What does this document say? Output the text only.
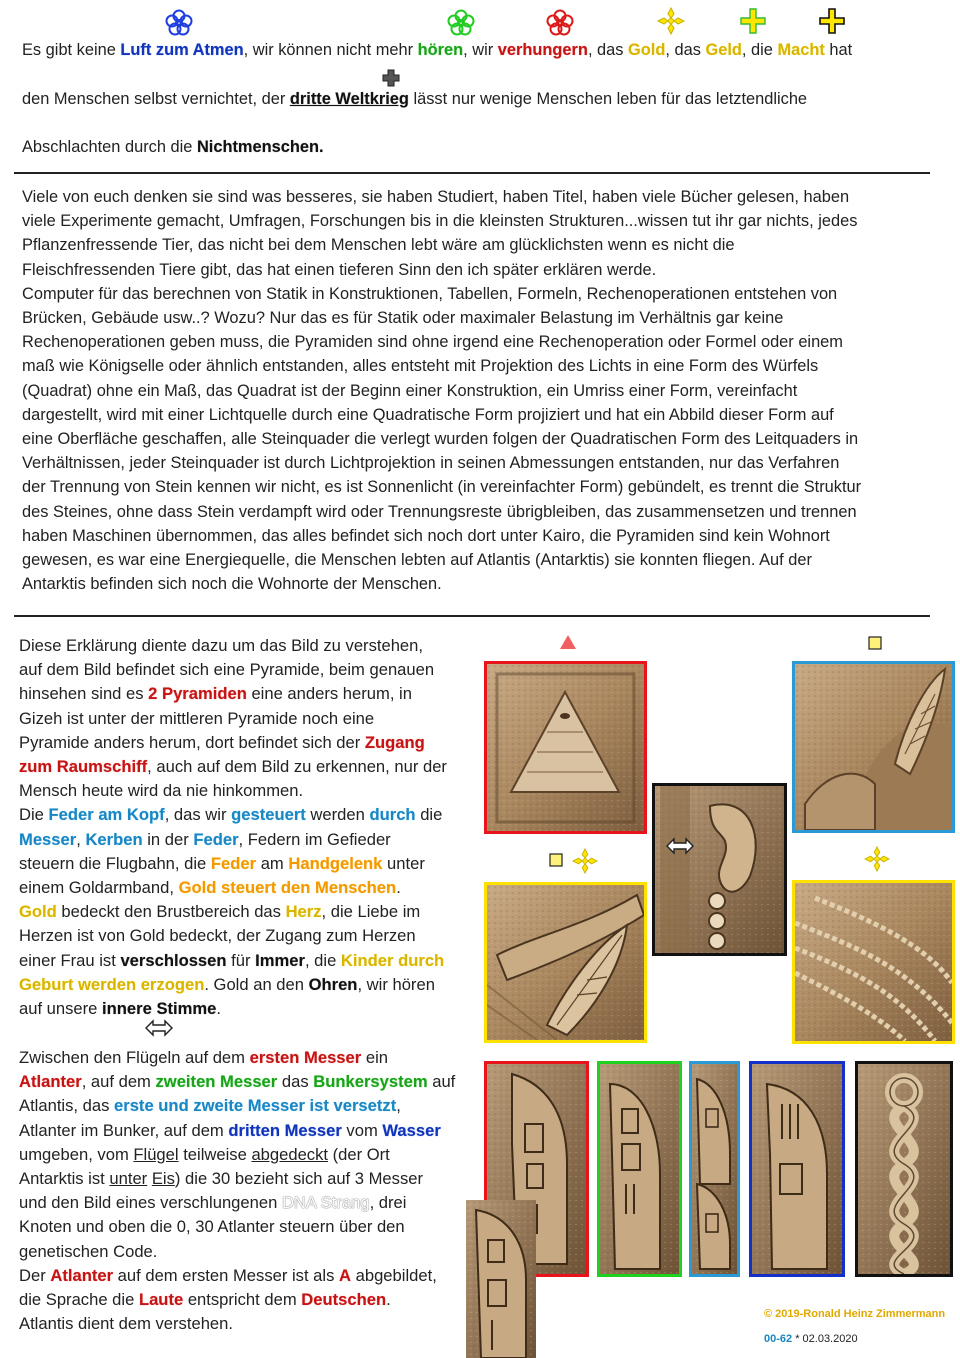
Es gibt keine Luft zum Atmen, wir können nicht mehr hören, wir verhungern, das Gold, das Geld, die Macht hat
den Menschen selbst vernichtet, der dritte Weltkrieg lässt nur wenige Menschen leben für das letztendliche
Abschlachten durch die Nichtmenschen.
Viele von euch denken sie sind was besseres, sie haben Studiert, haben Titel, haben viele Bücher gelesen, haben
viele Experimente gemacht, Umfragen, Forschungen bis in die kleinsten Strukturen...wissen tut ihr gar nichts, jedes
Pflanzenfressende Tier, das nicht bei dem Menschen lebt wäre am glücklichsten wenn es nicht die
Fleischfressenden Tiere gibt, das hat einen tieferen Sinn den ich später erklären werde.
Computer für das berechnen von Statik in Konstruktionen, Tabellen, Formeln, Rechenoperationen entstehen von
Brücken, Gebäude usw..? Wozu? Nur das es für Statik oder maximaler Belastung im Verhältnis gar keine
Rechenoperationen geben muss, die Pyramiden sind ohne irgend eine Rechenoperation oder Formel oder einem
maß wie Königselle oder ähnlich entstanden, alles entsteht mit Projektion des Lichts in eine Form des Würfels
(Quadrat) ohne ein Maß, das Quadrat ist der Beginn einer Konstruktion, ein Umriss einer Form, vereinfacht
dargestellt, wird mit einer Lichtquelle durch eine Quadratische Form projiziert und hat ein Abbild dieser Form auf
eine Oberfläche geschaffen, alle Steinquader die verlegt wurden folgen der Quadratischen Form des Leitquaders in
Verhältnissen, jeder Steinquader ist durch Lichtprojektion in seinen Abmessungen entstanden, nur das Verfahren
der Trennung von Stein kennen wir nicht, es ist Sonnenlicht (in vereinfachter Form) gebündelt, es trennt die Struktur
des Steines, ohne dass Stein verdampft wird oder Trennungsreste übrigbleiben, das zusammensetzen und trennen
haben Maschinen übernommen, das alles befindet sich noch dort unter Kairo, die Pyramiden sind kein Wohnort
gewesen, es war eine Energiequelle, die Menschen lebten auf Atlantis (Antarktis) sie konnten fliegen. Auf der
Antarktis befinden sich noch die Wohnorte der Menschen.
Diese Erklärung diente dazu um das Bild zu verstehen,
auf dem Bild befindet sich eine Pyramide, beim genauen
hinsehen sind es 2 Pyramiden eine anders herum, in
Gizeh ist unter der mittleren Pyramide noch eine
Pyramide anders herum, dort befindet sich der Zugang
zum Raumschiff, auch auf dem Bild zu erkennen, nur der
Mensch heute wird da nie hinkommen.
Die Feder am Kopf, das wir gesteuert werden durch die
Messer, Kerben in der Feder, Federn im Gefieder
steuern die Flugbahn, die Feder am Handgelenk unter
einem Goldarmband, Gold steuert den Menschen.
Gold bedeckt den Brustbereich das Herz, die Liebe im
Herzen ist von Gold bedeckt, der Zugang zum Herzen
einer Frau ist verschlossen für Immer, die Kinder durch
Geburt werden erzogen. Gold an den Ohren, wir hören
auf unsere innere Stimme.
Zwischen den Flügeln auf dem ersten Messer ein
Atlanter, auf dem zweiten Messer das Bunkersystem auf
Atlantis, das erste und zweite Messer ist versetzt,
Atlanter im Bunker, auf dem dritten Messer vom Wasser
umgeben, vom Flügel teilweise abgedeckt (der Ort
Antarktis ist unter Eis) die 30 bezieht sich auf 3 Messer
und den Bild eines verschlungenen DNA Strang, drei
Knoten und oben die 0, 30 Atlanter steuern über den
genetischen Code.
Der Atlanter auf dem ersten Messer ist als A abgebildet,
die Sprache die Laute entspricht dem Deutschen.
Atlantis dient dem verstehen.
© 2019-Ronald Heinz Zimmermann
00-62 * 02.03.2020
